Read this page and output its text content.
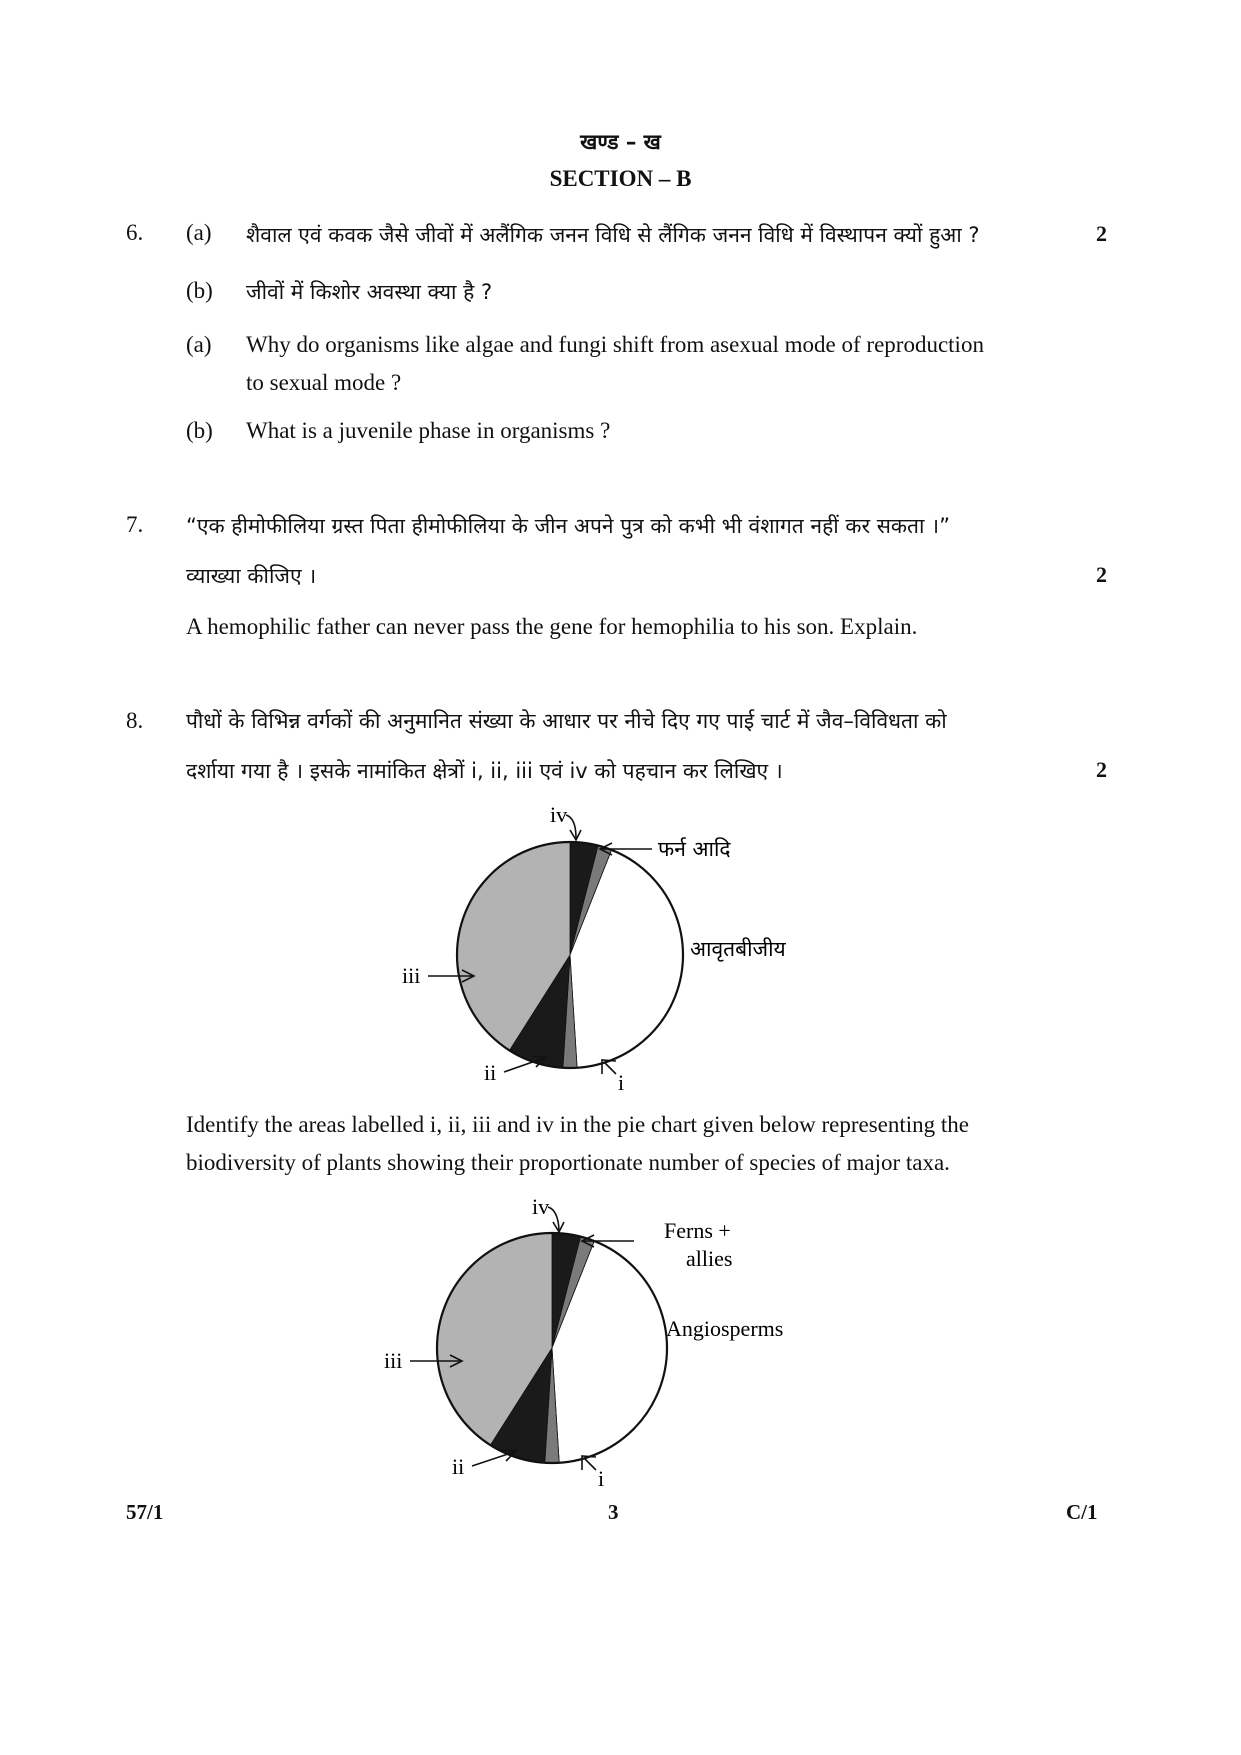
खण्ड – ख
SECTION – B
6. (a) शैवाल एवं कवक जैसे जीवों में अलैंगिक जनन विधि से लैंगिक जनन विधि में विस्थापन क्यों हुआ ?	2
(b) जीवों में किशोर अवस्था क्या है ?
(a) Why do organisms like algae and fungi shift from asexual mode of reproduction
to sexual mode ?
(b) What is a juvenile phase in organisms ?
7. “एक हीमोफीलिया ग्रस्त पिता हीमोफीलिया के जीन अपने पुत्र को कभी भी वंशागत नहीं कर सकता ।”
व्याख्या कीजिए ।	2
A hemophilic father can never pass the gene for hemophilia to his son. Explain.
8. पौधों के विभिन्न वर्गकों की अनुमानित संख्या के आधार पर नीचे दिए गए पाई चार्ट में जैव–विविधता को
दर्शाया गया है । इसके नामांकित क्षेत्रों i, ii, iii एवं iv को पहचान कर लिखिए ।	2
iv
फर्न आदि
आवृतबीजीय
iii
ii	i
Identify the areas labelled i, ii, iii and iv in the pie chart given below representing the
biodiversity of plants showing their proportionate number of species of major taxa.
iv
Ferns +
allies
Angiosperms
iii
ii	i
57/1	3	C/1
